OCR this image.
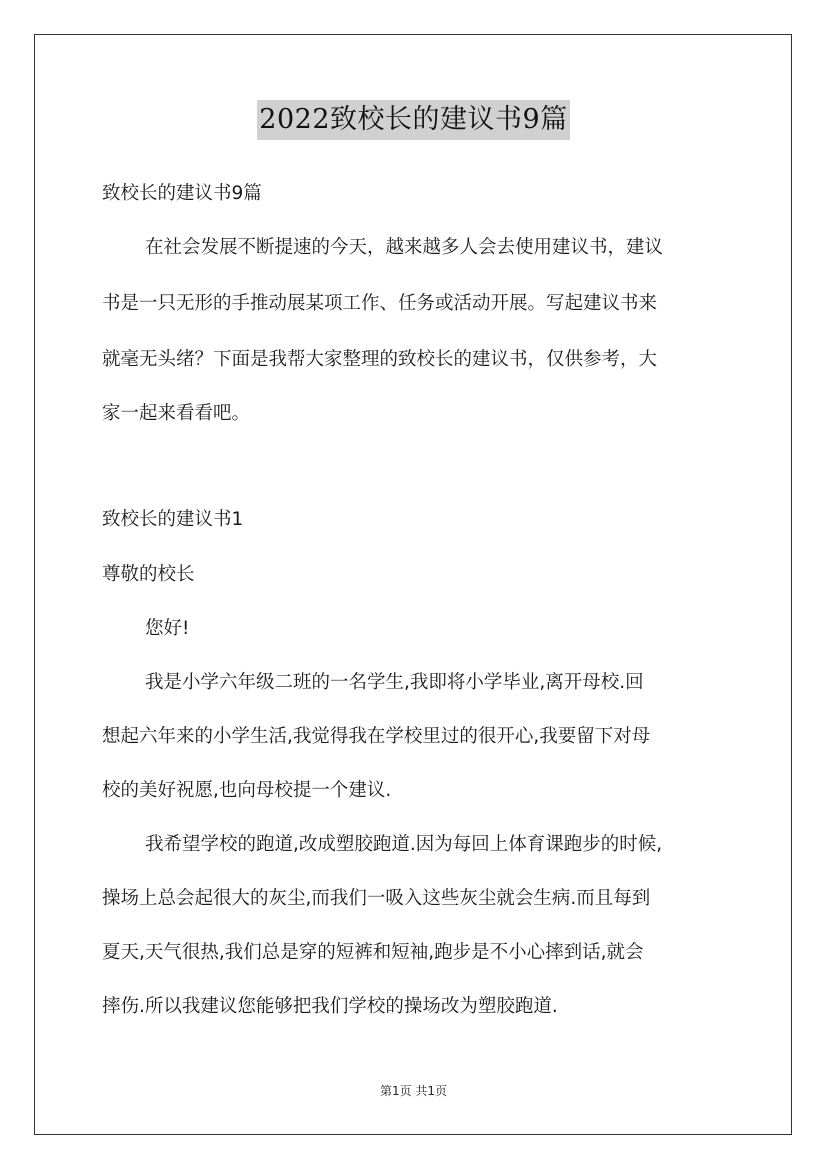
2022致校长的建议书9篇
致校长的建议书9篇
在社会发展不断提速的今天，越来越多人会去使用建议书，建议
书是一只无形的手推动展某项工作、任务或活动开展。写起建议书来
就毫无头绪？下面是我帮大家整理的致校长的建议书，仅供参考，大
家一起来看看吧。
致校长的建议书1
尊敬的校长
您好!
我是小学六年级二班的一名学生,我即将小学毕业,离开母校.回
想起六年来的小学生活,我觉得我在学校里过的很开心,我要留下对母
校的美好祝愿,也向母校提一个建议.
我希望学校的跑道,改成塑胶跑道.因为每回上体育课跑步的时候,
操场上总会起很大的灰尘,而我们一吸入这些灰尘就会生病.而且每到
夏天,天气很热,我们总是穿的短裤和短袖,跑步是不小心摔到话,就会
摔伤.所以我建议您能够把我们学校的操场改为塑胶跑道.
第1页 共1页
